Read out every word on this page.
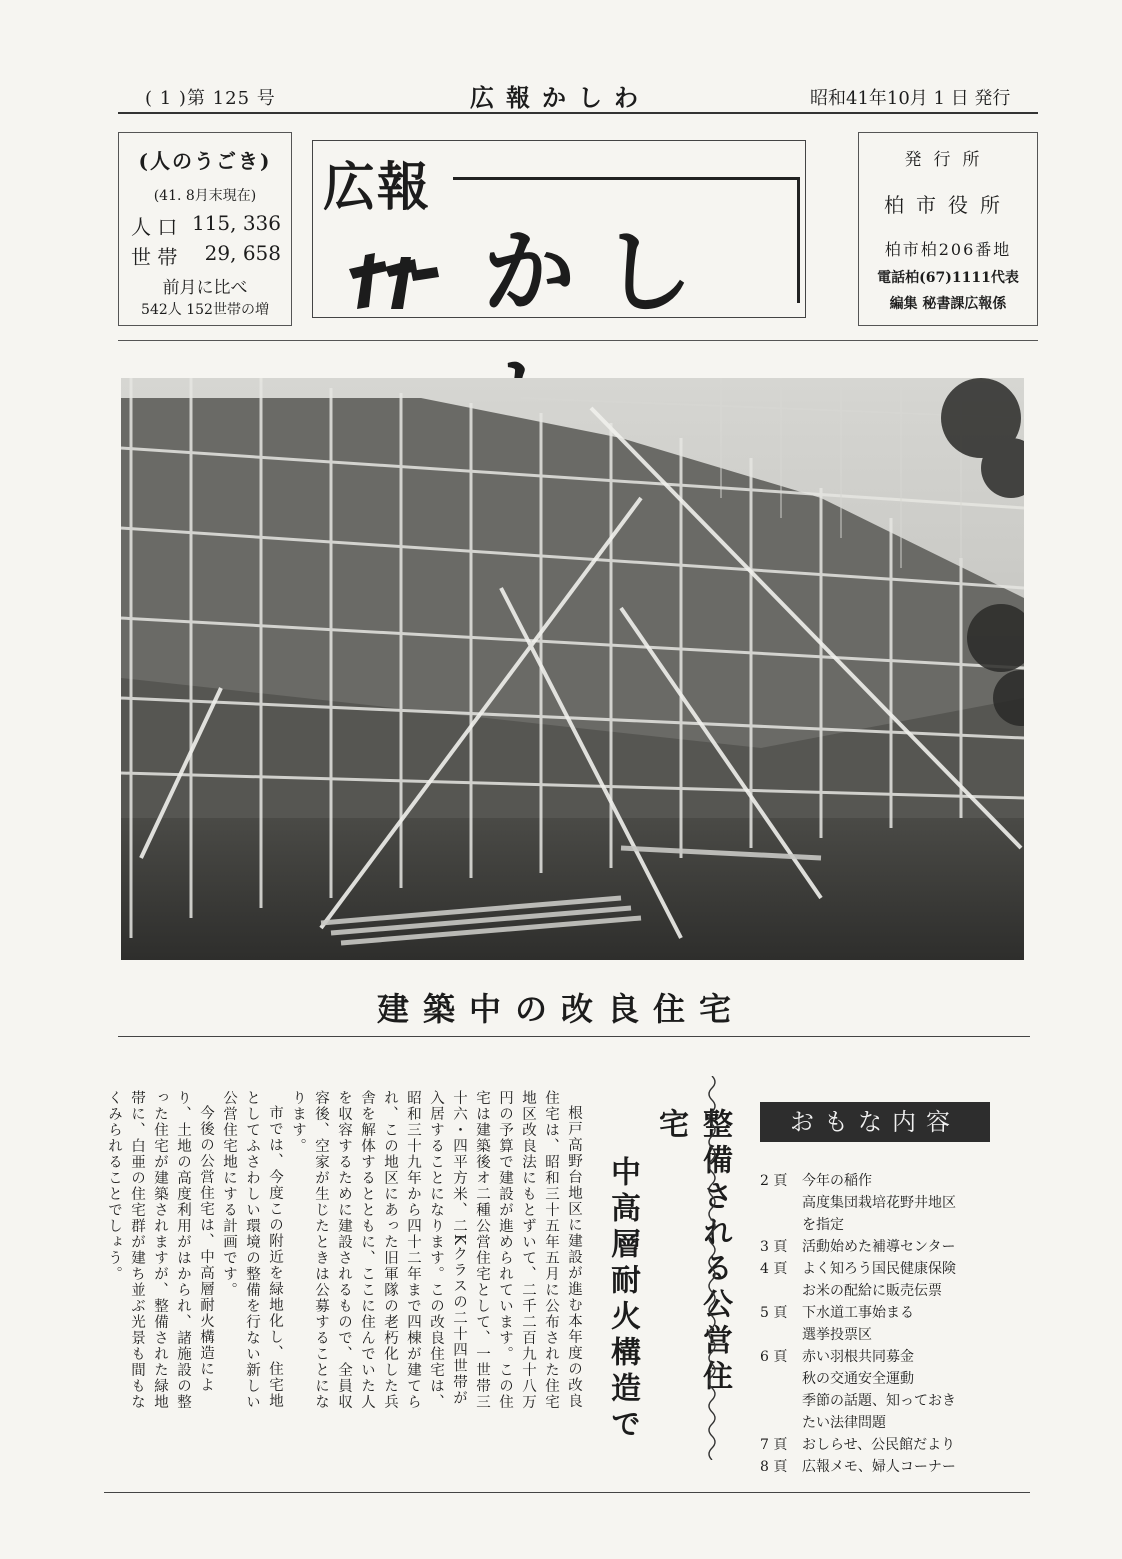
( 1 )第 125 号	広報かしわ	昭和41年10月 1 日 発行
(人のうごき)
(41. 8月末現在)
人 口 115, 336
世 帯 29, 658
前月に比べ
542人 152世帯の増
広報
かし
発行所
柏市役所
柏市柏206番地
電話柏(67)1111代表
編集 秘書課広報係
建築中の改良住宅
整備される公営住宅
中高層耐火構造で

根戸高野台地区に建設が進む本年度の改良住宅は、昭和三十五年五月に公布された住宅地区改良法にもとずいて、二千二百九十八万円の予算で建設が進められています。この住宅は建築後オ二種公営住宅として、一世帯三十六・四平方米、二Kクラスの二十四世帯が入居することになります。この改良住宅は、昭和三十九年から四十二年まで四棟が建てられ、この地区にあった旧軍隊の老朽化した兵舎を解体するとともに、ここに住んでいた人を収容するために建設されるもので、全員収容後、空家が生じたときは公募することになります。

市では、今度この附近を緑地化し、住宅地としてふさわしい環境の整備を行ない新しい公営住宅地にする計画です。

今後の公営住宅は、中高層耐火構造により、土地の高度利用がはかられ、諸施設の整った住宅が建築されますが、整備された緑地帯に、白亜の住宅群が建ち並ぶ光景も間もなくみられることでしょう。	おもな内容
2 頁	今年の稲作
高度集団栽培花野井地区
を指定
3 頁	活動始めた補導センター
4 頁	よく知ろう国民健康保険
お米の配給に販売伝票
5 頁	下水道工事始まる
選挙投票区
6 頁	赤い羽根共同募金
秋の交通安全運動
季節の話題、知っておき
たい法律問題
7 頁	おしらせ、公民館だより
8 頁	広報メモ、婦人コーナー
